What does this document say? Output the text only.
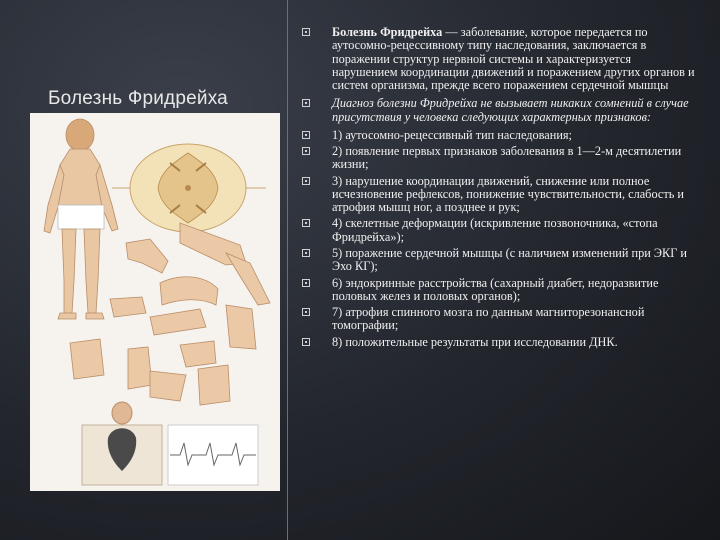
Болезнь Фридрейха
Болезнь Фридрейха — заболевание, которое передается по аутосомно-рецессивному типу наследования, заключается в поражении структур нервной системы и характеризуется нарушением координации движений и поражением других органов и систем организма, прежде всего поражением сердечной мышцы
Диагноз болезни Фридрейха не вызывает никаких сомнений в случае присутствия у человека следующих характерных признаков:
1) аутосомно-рецессивный тип наследования;
2) появление первых признаков заболевания в 1—2-м десятилетии жизни;
3) нарушение координации движений, снижение или полное исчезновение рефлексов, понижение чувствительности, слабость и атрофия мышц ног, а позднее и рук;
4) скелетные деформации (искривление позвоночника, «стопа Фридрейха»);
5) поражение сердечной мышцы (с наличием изменений при ЭКГ и Эхо КГ);
6) эндокринные расстройства (сахарный диабет, недоразвитие половых желез и половых органов);
7) атрофия спинного мозга по данным магниторезонансной томографии;
8) положительные результаты при исследовании ДНК.
